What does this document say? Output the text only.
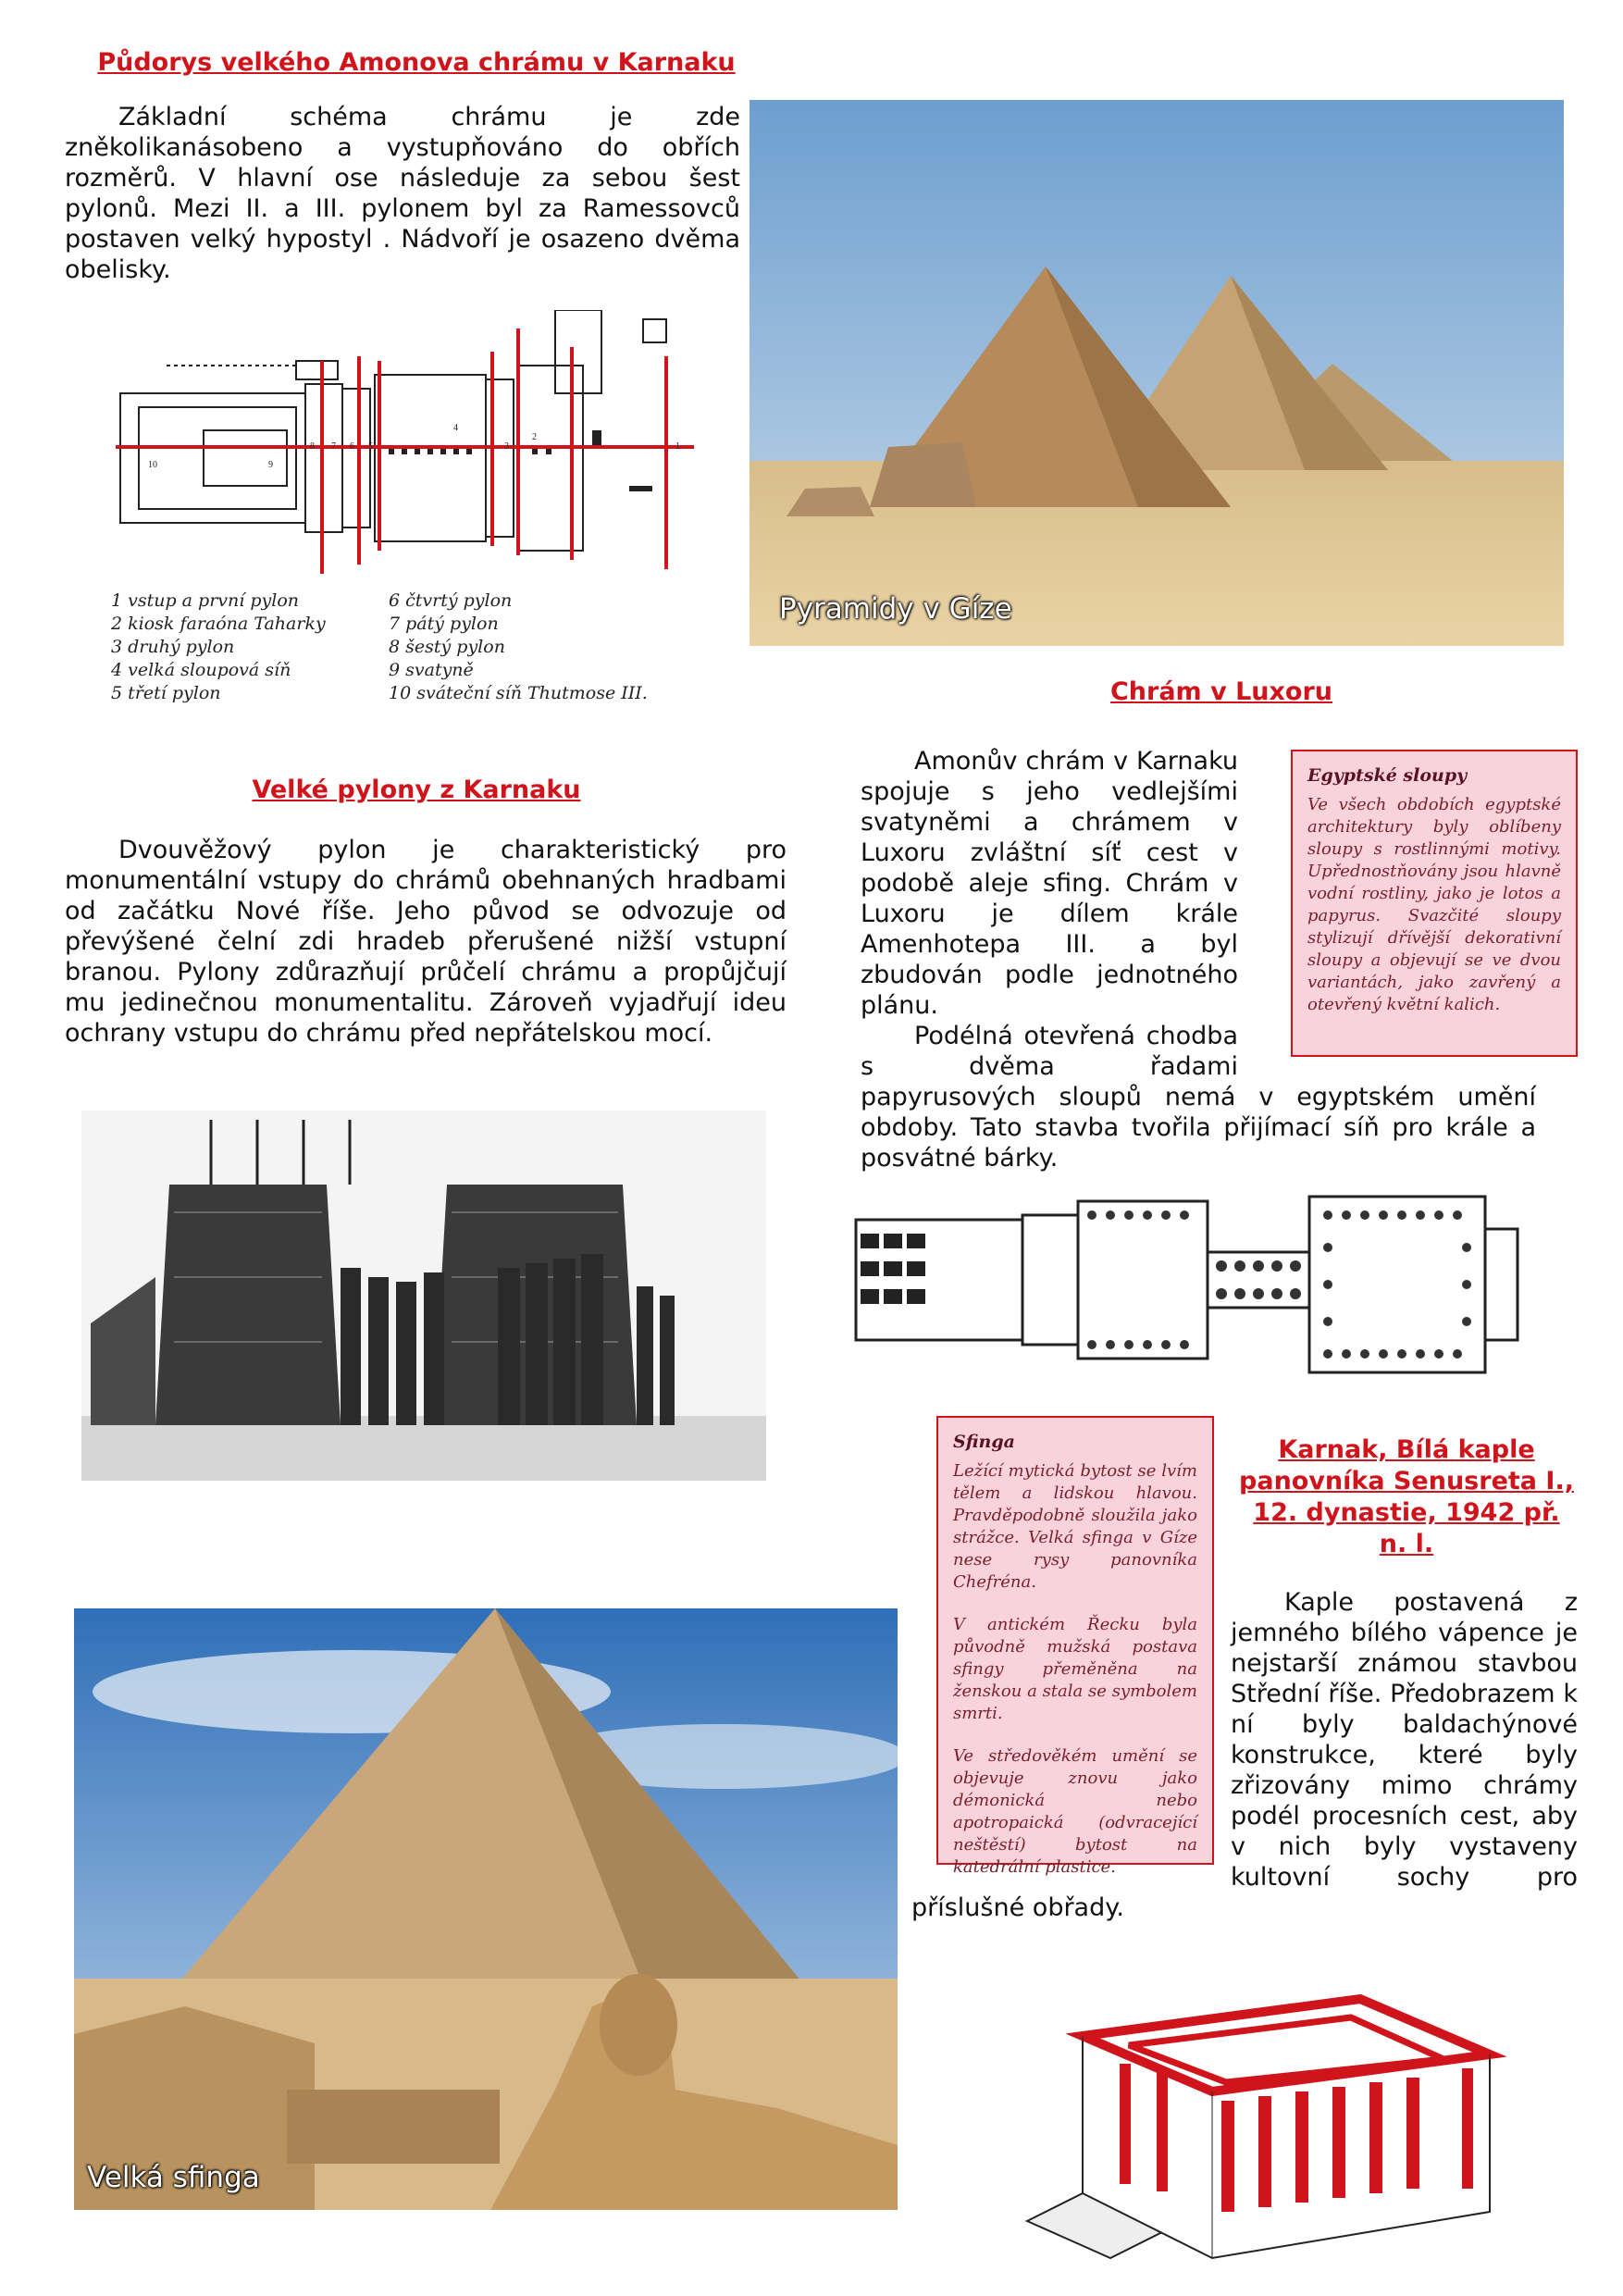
Půdorys velkého Amonova chrámu v Karnaku

Základní schéma chrámu je zde zněkolikanásobeno a vystupňováno do obřích rozměrů. V hlavní ose následuje za sebou šest pylonů. Mezi II. a III. pylonem byl za Ramessovců postaven velký hypostyl . Nádvoří je osazeno dvěma obelisky.

10	9
8 7 6 5
4
3
2
1
1 vstup a první pylon
2 kiosk faraóna Taharky
3 druhý pylon
4 velká sloupová síň
5 třetí pylon
6 čtvrtý pylon
7 pátý pylon
8 šestý pylon
9 svatyně
10 sváteční síň Thutmose III.
Pyramidy v Gíze
Chrám v Luxoru
Velké pylony z Karnaku

Dvouvěžový pylon je charakteristický pro monumentální vstupy do chrámů obehnaných hradbami od začátku Nové říše. Jeho původ se odvozuje od převýšené čelní zdi hradeb přerušené nižší vstupní branou. Pylony zdůrazňují průčelí chrámu a propůjčují mu jedinečnou monumentalitu. Zároveň vyjadřují ideu ochrany vstupu do chrámu před nepřátelskou mocí.

Amonův chrám v Karnaku spojuje s jeho vedlejšími svatyněmi a chrámem v Luxoru zvláštní síť cest v podobě aleje sfing. Chrám v Luxoru je dílem krále Amenhotepa III. a byl zbudován podle jednotného plánu.

Podélná otevřená chodba s dvěma řadami papyrusových sloupů nemá v egyptském umění obdoby. Tato stavba tvořila přijímací síň pro krále a posvátné bárky.

Egyptské sloupy

Ve všech obdobích egyptské architektury byly oblíbeny sloupy s rostlinnými motivy. Upřednostňovány jsou hlavně vodní rostliny, jako je lotos a papyrus. Svazčité sloupy stylizují dřívější dekorativní sloupy a objevují se ve dvou variantách, jako zavřený a otevřený květní kalich.

Sfinga

Ležící mytická bytost se lvím tělem a lidskou hlavou. Pravděpodobně sloužila jako strážce. Velká sfinga v Gíze nese rysy panovníka Chefréna.

V antickém Řecku byla původně mužská postava sfingy přeměněna na ženskou a stala se symbolem smrti.

Ve středověkém umění se objevuje znovu jako démonická nebo apotropaická (odvracející neštěstí) bytost na katedrální plastice.

Karnak, Bílá kaple panovníka Senusreta I., 12. dynastie, 1942 př. n. l.

Kaple postavená z jemného bílého vápence je nejstarší známou stavbou Střední říše. Předobrazem k ní byly baldachýnové konstrukce, které byly zřizovány mimo chrámy podél procesních cest, aby v nich byly vystaveny kultovní sochy pro příslušné obřady.

Velká sfinga
